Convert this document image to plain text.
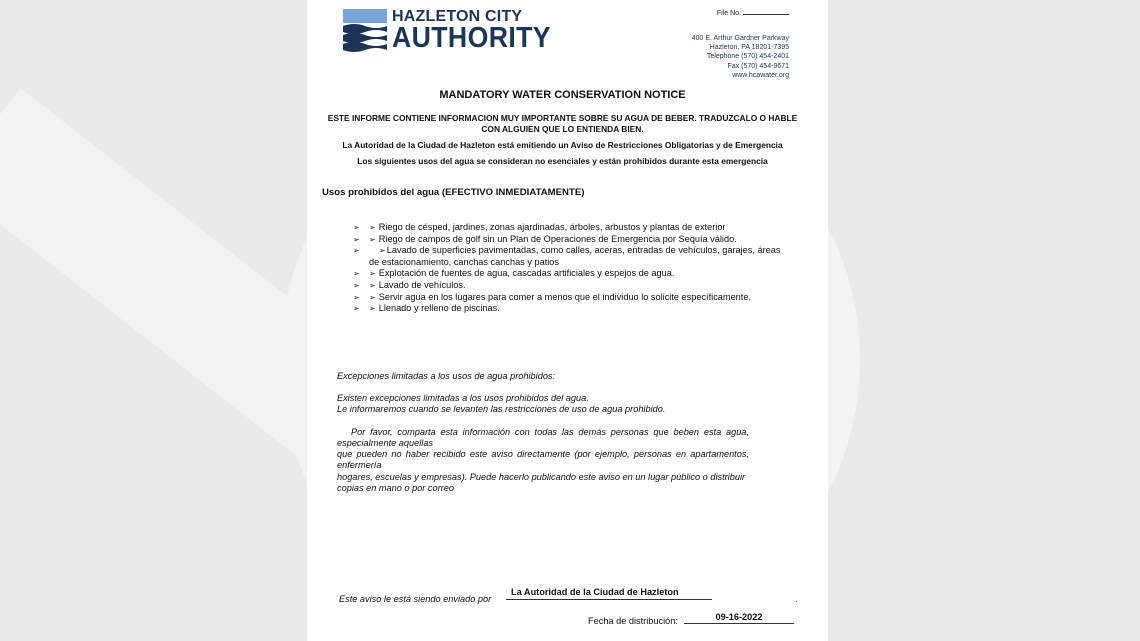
HAZLETON CITY
AUTHORITY
File No.
400 E. Arthur Gardner Parkway
Hazleton, PA 18201-7395
Telephone (570) 454-2401
Fax (570) 454-9671
www.hcawater.org
MANDATORY WATER CONSERVATION NOTICE
ESTE INFORME CONTIENE INFORMACION MUY IMPORTANTE SOBRE SU AGUA DE BEBER. TRADUZCALO O HABLE CON ALGUIEN QUE LO ENTIENDA BIEN.
La Autoridad de la Ciudad de Hazleton está emitiendo un Aviso de Restricciones Obligatorias y de Emergencia
Los siguientes usos del agua se consideran no esenciales y están prohibidos durante esta emergencia
Usos prohibidos del agua (EFECTIVO INMEDIATAMENTE)
➢ ➢ Riego de césped, jardines, zonas ajardinadas, árboles, arbustos y plantas de exterior
➢ ➢ Riego de campos de golf sin un Plan de Operaciones de Emergencia por Sequía válido.
➢ ➢Lavado de superficies pavimentadas, como calles, aceras, entradas de vehículos, garajes, áreas de estacionamiento, canchas canchas y patios
➢ ➢ Explotación de fuentes de agua, cascadas artificiales y espejos de agua.
➢ ➢ Lavado de vehículos.
➢ ➢ Servir agua en los lugares para comer a menos que el individuo lo solicite específicamente.
➢ ➢ Llenado y relleno de piscinas.
Excepciones limitadas a los usos de agua prohibidos:
Existen excepciones limitadas a los usos prohibidos del agua.
Le informaremos cuando se levanten las restricciones de uso de agua prohibido.
Por favor, comparta esta información con todas las demás personas que beben esta agua, especialmente aquellas
que pueden no haber recibido este aviso directamente (por ejemplo, personas en apartamentos, enfermería
hogares, escuelas y empresas). Puede hacerlo publicando este aviso en un lugar público o distribuir copias en mano o por correo
Este aviso le está siendo enviado por
La Autoridad de la Ciudad de Hazleton
.
Fecha de distribución:	09-16-2022
